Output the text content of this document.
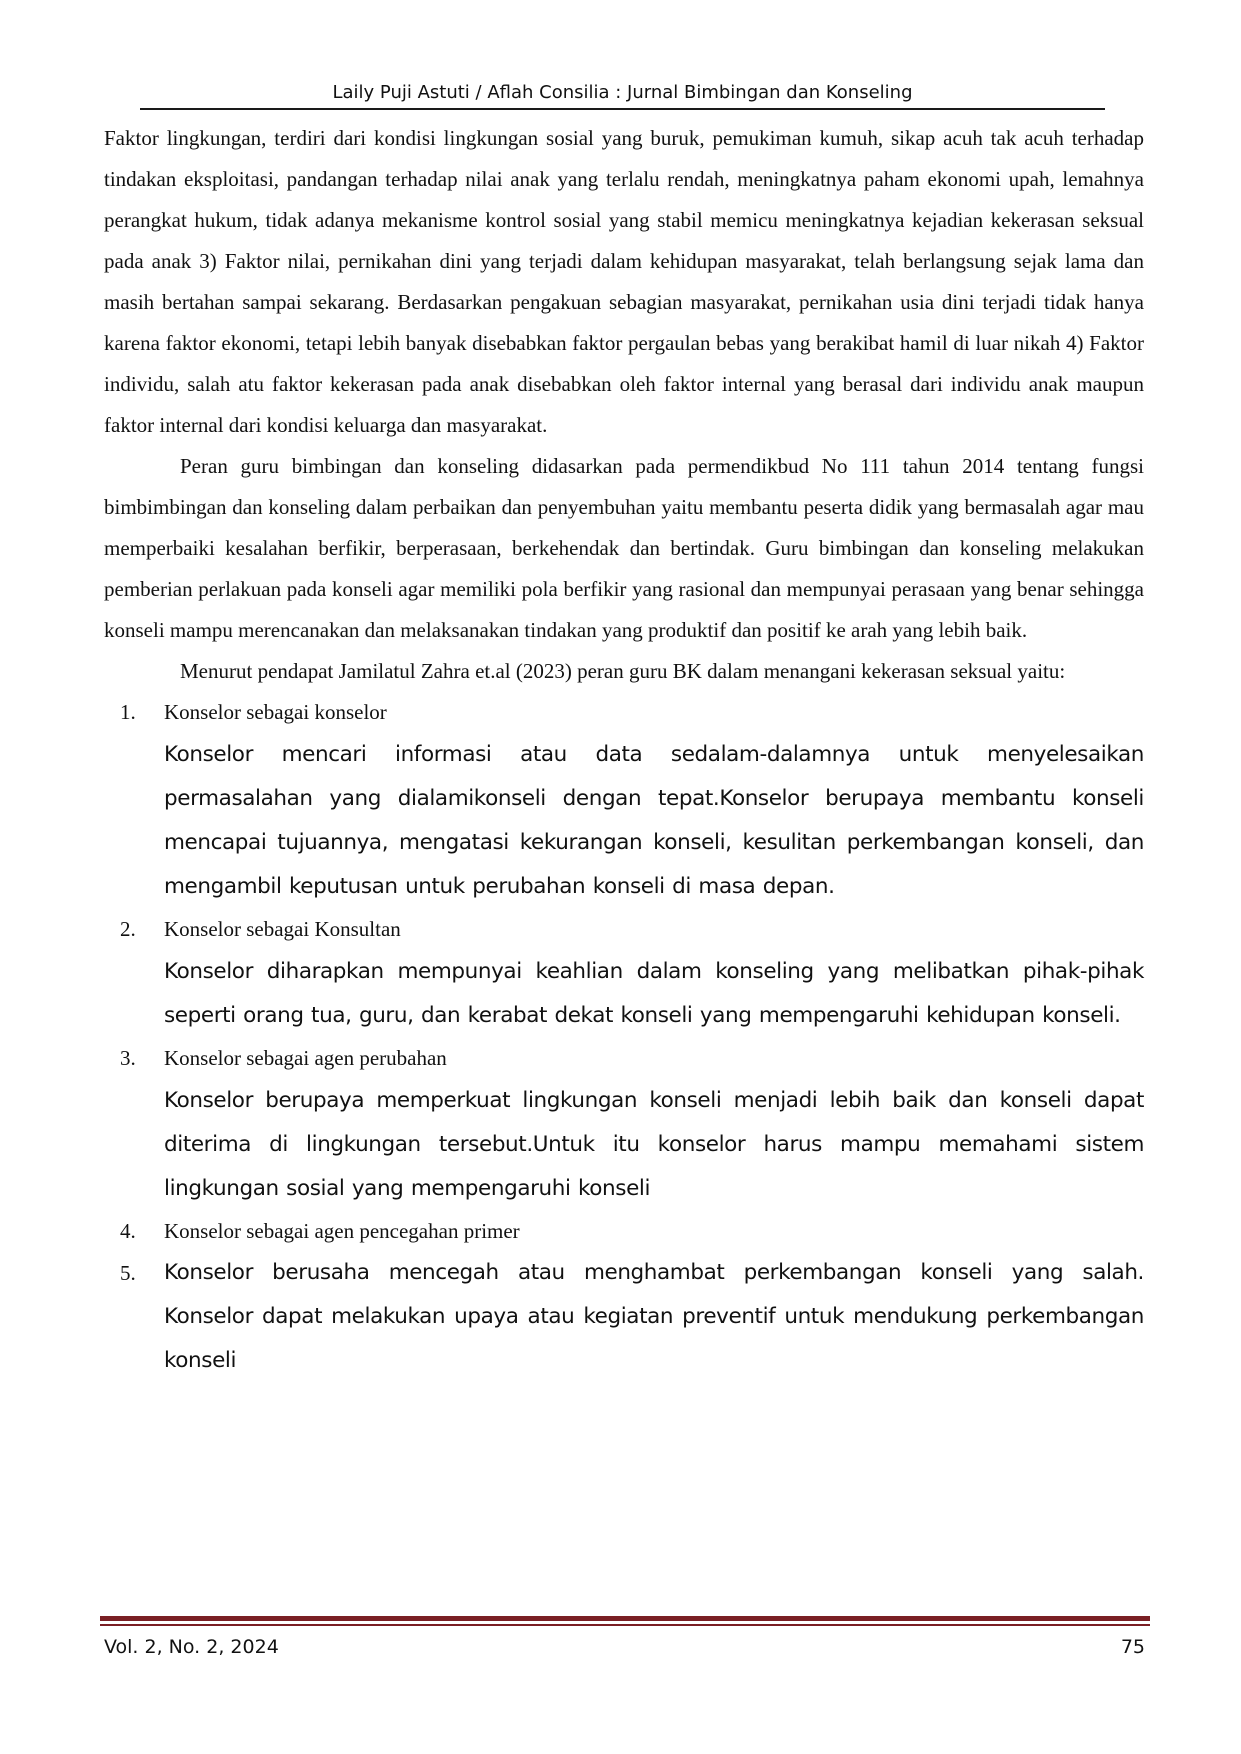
Laily Puji Astuti / Aflah Consilia : Jurnal Bimbingan dan Konseling

Faktor lingkungan, terdiri dari kondisi lingkungan sosial yang buruk, pemukiman kumuh, sikap acuh tak acuh terhadap tindakan eksploitasi, pandangan terhadap nilai anak yang terlalu rendah, meningkatnya paham ekonomi upah, lemahnya perangkat hukum, tidak adanya mekanisme kontrol sosial yang stabil memicu meningkatnya kejadian kekerasan seksual pada anak 3) Faktor nilai, pernikahan dini yang terjadi dalam kehidupan masyarakat, telah berlangsung sejak lama dan masih bertahan sampai sekarang. Berdasarkan pengakuan sebagian masyarakat, pernikahan usia dini terjadi tidak hanya karena faktor ekonomi, tetapi lebih banyak disebabkan faktor pergaulan bebas yang berakibat hamil di luar nikah 4) Faktor individu, salah atu faktor kekerasan pada anak disebabkan oleh faktor internal yang berasal dari individu anak maupun faktor internal dari kondisi keluarga dan masyarakat.

Peran guru bimbingan dan konseling didasarkan pada permendikbud No 111 tahun 2014 tentang fungsi bimbimbingan dan konseling dalam perbaikan dan penyembuhan yaitu membantu peserta didik yang bermasalah agar mau memperbaiki kesalahan berfikir, berperasaan, berkehendak dan bertindak. Guru bimbingan dan konseling melakukan pemberian perlakuan pada konseli agar memiliki pola berfikir yang rasional dan mempunyai perasaan yang benar sehingga konseli mampu merencanakan dan melaksanakan tindakan yang produktif dan positif ke arah yang lebih baik.

Menurut pendapat Jamilatul Zahra et.al (2023) peran guru BK dalam menangani kekerasan seksual yaitu:

1. Konselor sebagai konselor
Konselor mencari informasi atau data sedalam-dalamnya untuk menyelesaikan permasalahan yang dialamikonseli dengan tepat.Konselor berupaya membantu konseli mencapai tujuannya, mengatasi kekurangan konseli, kesulitan perkembangan konseli, dan mengambil keputusan untuk perubahan konseli di masa depan.
2. Konselor sebagai Konsultan
Konselor diharapkan mempunyai keahlian dalam konseling yang melibatkan pihak-pihak seperti orang tua, guru, dan kerabat dekat konseli yang mempengaruhi kehidupan konseli.
3. Konselor sebagai agen perubahan
Konselor berupaya memperkuat lingkungan konseli menjadi lebih baik dan konseli dapat diterima di lingkungan tersebut.Untuk itu konselor harus mampu memahami sistem lingkungan sosial yang mempengaruhi konseli
4. Konselor sebagai agen pencegahan primer
5. Konselor berusaha mencegah atau menghambat perkembangan konseli yang salah. Konselor dapat melakukan upaya atau kegiatan preventif untuk mendukung perkembangan konseli
Vol. 2, No. 2, 2024	75
